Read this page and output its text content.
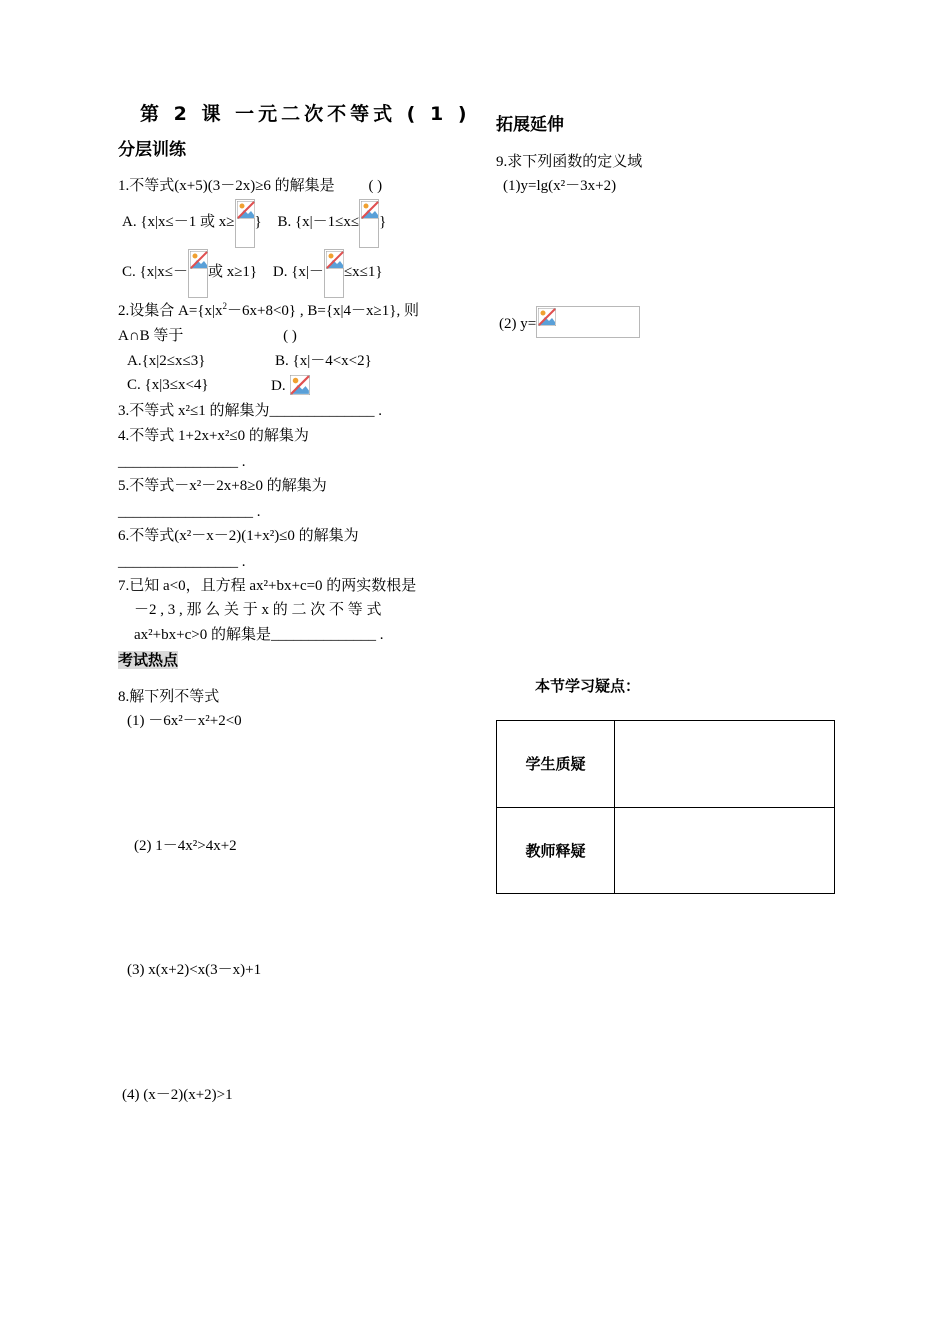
第 2 课 一元二次不等式 ( 1 )
分层训练
1.不等式(x+5)(3－2x)≥6 的解集是 ( )
A. {x|x≤－1 或 x≥ } B. {x|－1≤x≤ }
C. {x|x≤－ 或 x≥1} D. {x|－ ≤x≤1}
2.设集合 $A=\{x|x^2-6x+8<0\}$ , B={x|4－x≥1}, 则
A∩B 等于	( )
A.{x|2≤x≤3}	B. {x|－4<x<2}
C. {x|3≤x<4}	D.
3.不等式 x²≤1 的解集为______________ .
4.不等式 1+2x+x²≤0 的解集为
________________ .
5.不等式－x²－2x+8≥0 的解集为
__________________ .
6.不等式(x²－x－2)(1+x²)≤0 的解集为
________________ .
7.已知 a<0，且方程 ax²+bx+c=0 的两实数根是
－2 , 3 , 那 么 关 于 x 的 二 次 不 等 式
ax²+bx+c>0 的解集是______________ .
考试热点
8.解下列不等式
(1) －6x²－x²+2<0
(2) 1－4x²>4x+2
(3) x(x+2)<x(3－x)+1
(4) (x－2)(x+2)>1
拓展延伸
9.求下列函数的定义域
(1)y=lg(x²－3x+2)
(2) y=
本节学习疑点：
学生质疑	
教师释疑	
